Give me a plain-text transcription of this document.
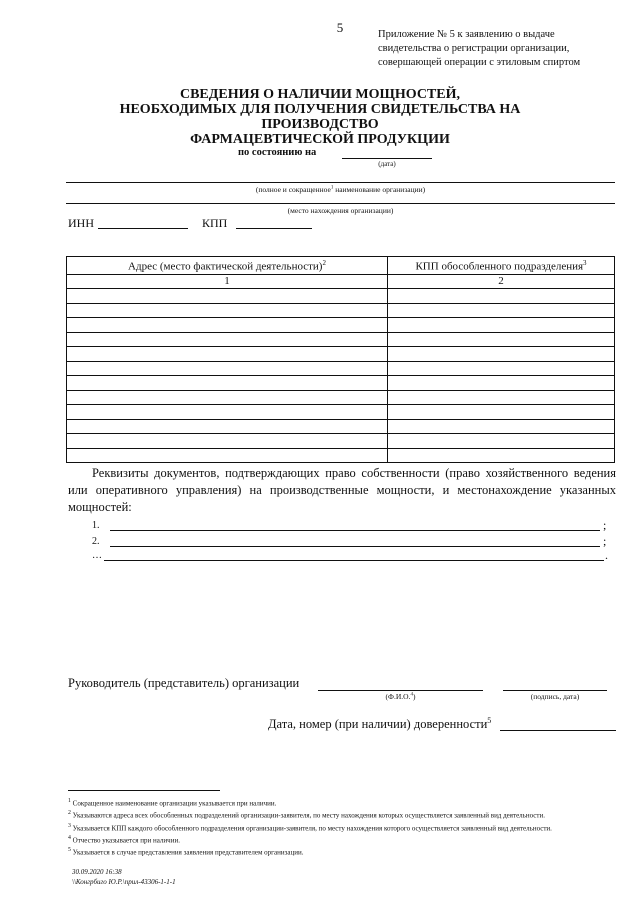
5	Приложение № 5 к заявлению о выдаче
свидетельства о регистрации организации,
совершающей операции с этиловым спиртом
СВЕДЕНИЯ О НАЛИЧИИ МОЩНОСТЕЙ,
НЕОБХОДИМЫХ ДЛЯ ПОЛУЧЕНИЯ СВИДЕТЕЛЬСТВА НА ПРОИЗВОДСТВО
ФАРМАЦЕВТИЧЕСКОЙ ПРОДУКЦИИ
по состоянию на
(дата)
(полное и сокращенное$^1$ наименование организации)
(место нахождения организации)
ИНН	КПП
Адрес (место фактической деятельности)$^2$	КПП обособленного подразделения$^3$
1	2

Реквизиты документов, подтверждающих право собственности (право хозяйственного ведения или оперативного управления) на производственные мощности, и местонахождение указанных мощностей:
1.	;
2.	;
…	.
Руководитель (представитель) организации
(Ф.И.О.$^4$)	(подпись, дата)
Дата, номер (при наличии) доверенности$^5$

$^1$ Сокращенное наименование организации указывается при наличии.

$^2$ Указываются адреса всех обособленных подразделений организации-заявителя, по месту нахождения которых осуществляется заявленный вид деятельности.

$^3$ Указывается КПП каждого обособленного подразделения организации-заявителя, по месту нахождения которого осуществляется заявленный вид деятельности.

$^4$ Отчество указывается при наличии.

$^5$ Указывается в случае представления заявления представителем организации.

30.09.2020 16:38
\\Конгрбиго Ю.Р.\прил-43306-1-1-1
